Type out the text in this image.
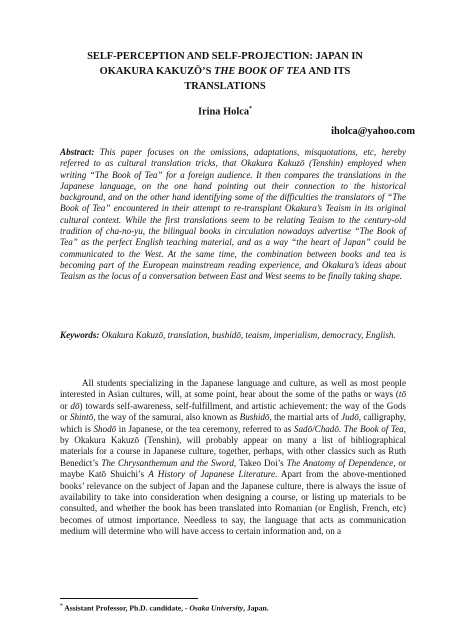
SELF-PERCEPTION AND SELF-PROJECTION: JAPAN IN
OKAKURA KAKUZŌ’S THE BOOK OF TEA AND ITS
TRANSLATIONS
Irina Holca*
iholca@yahoo.com

Abstract: This paper focuses on the omissions, adaptations, misquotations, etc, hereby referred to as cultural translation tricks, that Okakura Kakuzō (Tenshin) employed when writing “The Book of Tea” for a foreign audience. It then compares the translations in the Japanese language, on the one hand pointing out their connection to the historical background, and on the other hand identifying some of the difficulties the translators of “The Book of Tea” encountered in their attempt to re-transplant Okakura’s Teaism in its original cultural context. While the first translations seem to be relating Teaism to the century-old tradition of cha-no-yu, the bilingual books in circulation nowadays advertise “The Book of Tea” as the perfect English teaching material, and as a way “the heart of Japan” could be communicated to the West. At the same time, the combination between books and tea is becoming part of the European mainstream reading experience, and Okakura’s ideas about Teaism as the locus of a conversation between East and West seems to be finally taking shape.

Keywords: Okakura Kakuzō, translation, bushidō, teaism, imperialism, democracy, English.

All students specializing in the Japanese language and culture, as well as most people interested in Asian cultures, will, at some point, hear about the some of the paths or ways (tō or dō) towards self-awareness, self-fulfillment, and artistic achievement: the way of the Gods or Shintō, the way of the samurai, also known as Bushidō, the martial arts of Judō, calligraphy, which is Shodō in Japanese, or the tea ceremony, referred to as Sadō/Chadō. The Book of Tea, by Okakura Kakuzō (Tenshin), will probably appear on many a list of bibliographical materials for a course in Japanese culture, together, perhaps, with other classics such as Ruth Benedict’s The Chrysanthemum and the Sword, Takeo Doi’s The Anatomy of Dependence, or maybe Katō Shuichi’s A History of Japanese Literature. Apart from the above-mentioned books’ relevance on the subject of Japan and the Japanese culture, there is always the issue of availability to take into consideration when designing a course, or listing up materials to be consulted, and whether the book has been translated into Romanian (or English, French, etc) becomes of utmost importance. Needless to say, the language that acts as communication medium will determine who will have access to certain information and, on a

* Assistant Professor, Ph.D. candidate, - Osaka University, Japan.
